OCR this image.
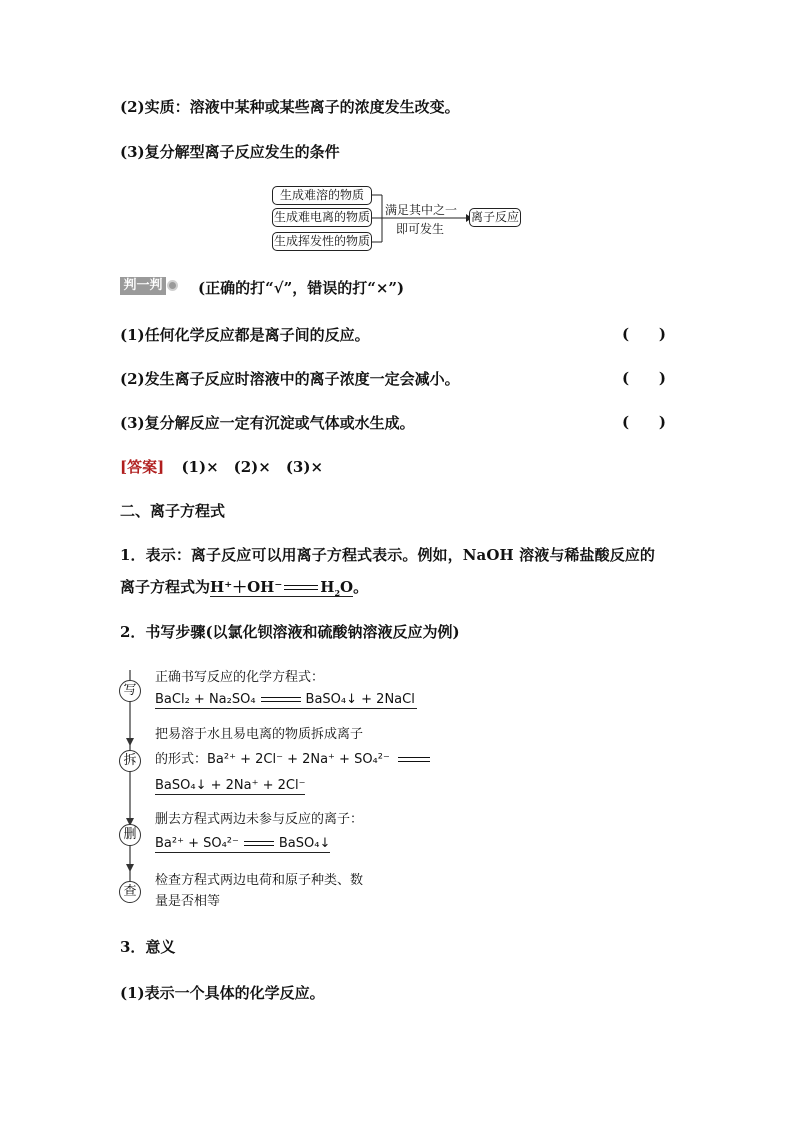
(2)实质：溶液中某种或某些离子的浓度发生改变。
(3)复分解型离子反应发生的条件
生成难溶的物质
生成难电离的物质
生成挥发性的物质
满足其中之一
即可发生
离子反应
判一判 (正确的打“√”，错误的打“×”)
(1)任何化学反应都是离子间的反应。	( )
(2)发生离子反应时溶液中的离子浓度一定会减小。	( )
(3)复分解反应一定有沉淀或气体或水生成。	( )
[答案] (1)×　(2)×　(3)×
二、离子方程式
1．表示：离子反应可以用离子方程式表示。例如，NaOH 溶液与稀盐酸反应的
离子方程式为H⁺＋OH⁻	$H_2O$。
2．书写步骤(以氯化钡溶液和硫酸钠溶液反应为例)
写
拆
删
查
正确书写反应的化学方程式：
BaCl₂ + Na₂SO₄	BaSO₄↓ + 2NaCl
把易溶于水且易电离的物质拆成离子
的形式：Ba²⁺ + 2Cl⁻ + 2Na⁺ + SO₄²⁻
BaSO₄↓ + 2Na⁺ + 2Cl⁻
删去方程式两边未参与反应的离子：
Ba²⁺ + SO₄²⁻	BaSO₄↓
检查方程式两边电荷和原子种类、数
量是否相等
3．意义
(1)表示一个具体的化学反应。
